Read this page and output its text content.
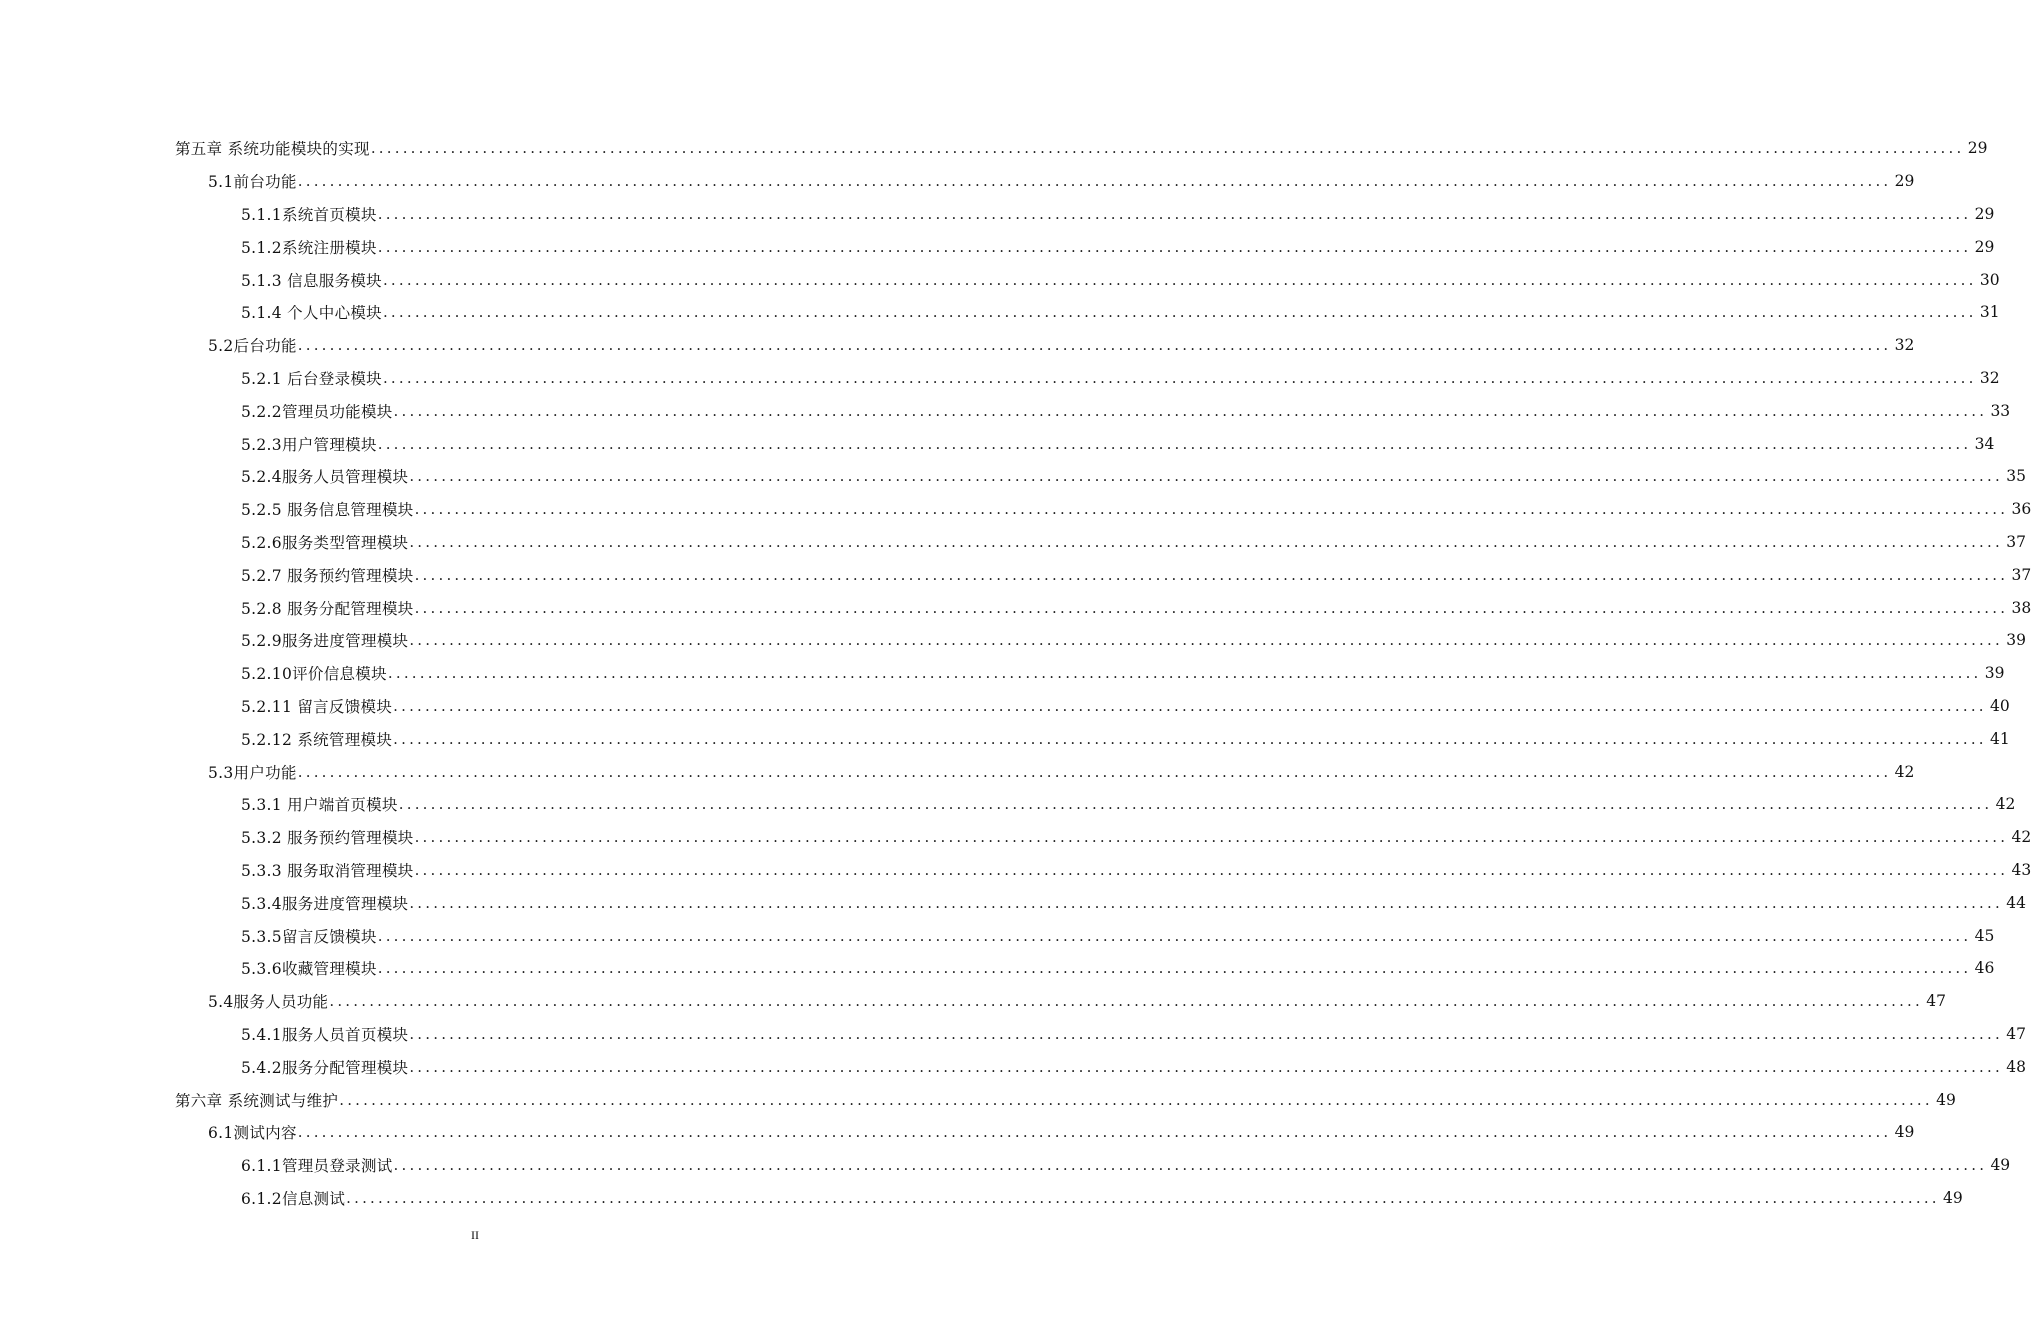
第五章 系统功能模块的实现 ........................................................................................................................................................................................................ 29
5.1前台功能 ........................................................................................................................................................................................................ 29
5.1.1系统首页模块 ........................................................................................................................................................................................................ 29
5.1.2系统注册模块 ........................................................................................................................................................................................................ 29
5.1.3 信息服务模块 ........................................................................................................................................................................................................ 30
5.1.4 个人中心模块 ........................................................................................................................................................................................................ 31
5.2后台功能 ........................................................................................................................................................................................................ 32
5.2.1 后台登录模块 ........................................................................................................................................................................................................ 32
5.2.2管理员功能模块 ........................................................................................................................................................................................................ 33
5.2.3用户管理模块 ........................................................................................................................................................................................................ 34
5.2.4服务人员管理模块 ........................................................................................................................................................................................................ 35
5.2.5 服务信息管理模块 ........................................................................................................................................................................................................ 36
5.2.6服务类型管理模块 ........................................................................................................................................................................................................ 37
5.2.7 服务预约管理模块 ........................................................................................................................................................................................................ 37
5.2.8 服务分配管理模块 ........................................................................................................................................................................................................ 38
5.2.9服务进度管理模块 ........................................................................................................................................................................................................ 39
5.2.10评价信息模块 ........................................................................................................................................................................................................ 39
5.2.11 留言反馈模块 ........................................................................................................................................................................................................ 40
5.2.12 系统管理模块 ........................................................................................................................................................................................................ 41
5.3用户功能 ........................................................................................................................................................................................................ 42
5.3.1 用户端首页模块 ........................................................................................................................................................................................................ 42
5.3.2 服务预约管理模块 ........................................................................................................................................................................................................ 42
5.3.3 服务取消管理模块 ........................................................................................................................................................................................................ 43
5.3.4服务进度管理模块 ........................................................................................................................................................................................................ 44
5.3.5留言反馈模块 ........................................................................................................................................................................................................ 45
5.3.6收藏管理模块 ........................................................................................................................................................................................................ 46
5.4服务人员功能 ........................................................................................................................................................................................................ 47
5.4.1服务人员首页模块 ........................................................................................................................................................................................................ 47
5.4.2服务分配管理模块 ........................................................................................................................................................................................................ 48
第六章 系统测试与维护 ........................................................................................................................................................................................................ 49
6.1测试内容 ........................................................................................................................................................................................................ 49
6.1.1管理员登录测试 ........................................................................................................................................................................................................ 49
6.1.2信息测试 ........................................................................................................................................................................................................ 49
II
